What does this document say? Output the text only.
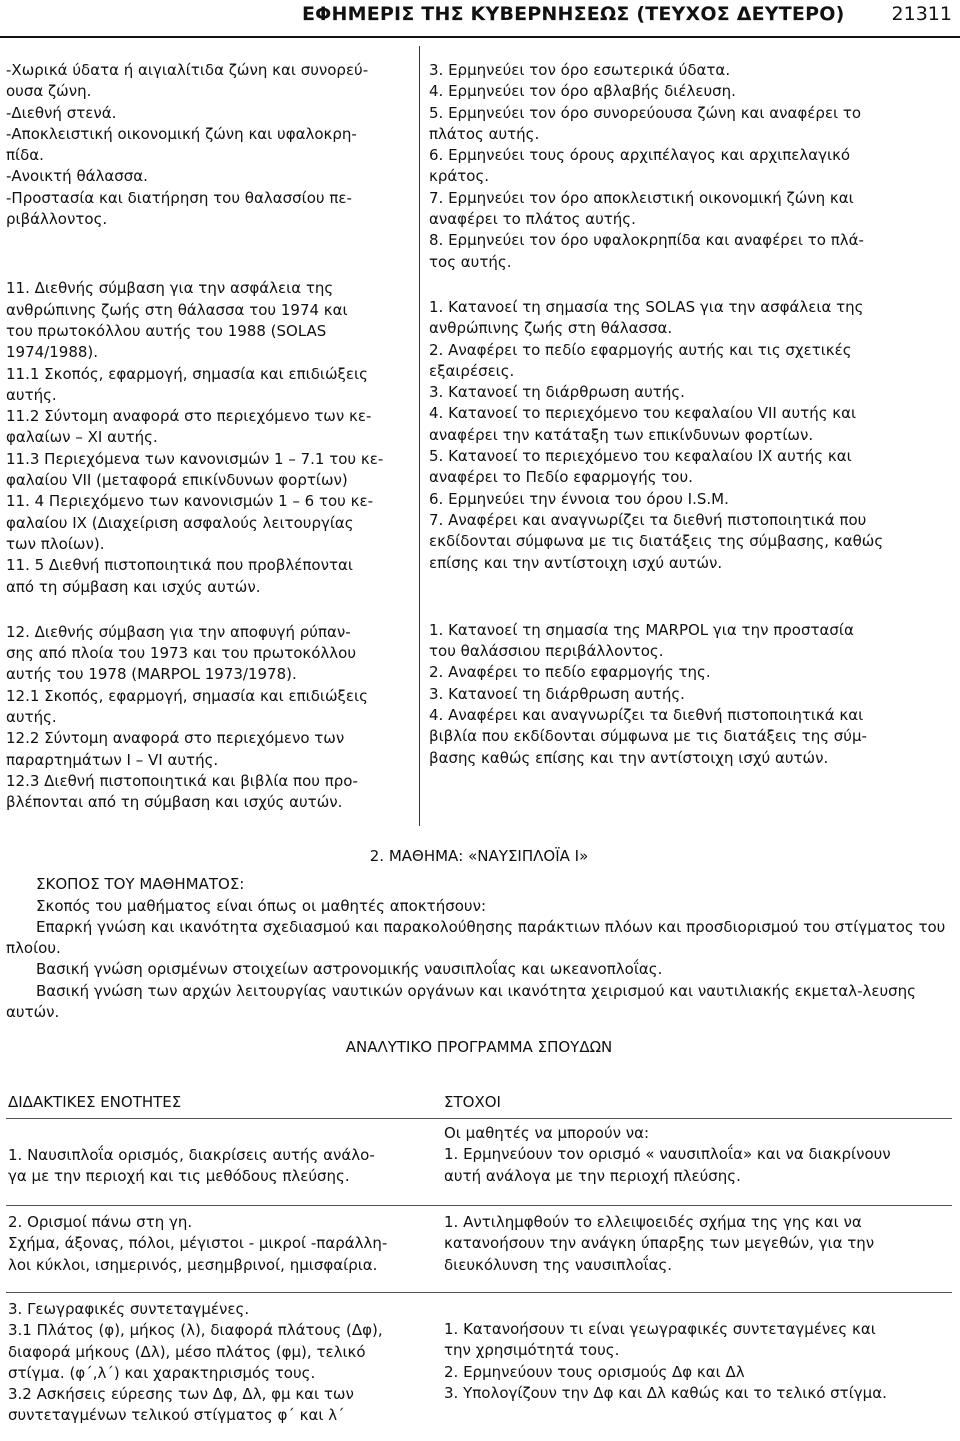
ΕΦΗΜΕΡΙΣ ΤΗΣ ΚΥΒΕΡΝΗΣΕΩΣ (ΤΕΥΧΟΣ ΔΕΥΤΕΡΟ) 21311

-Χωρικά ύδατα ή αιγιαλίτιδα ζώνη και συνορεύ-

ουσα ζώνη.

-Διεθνή στενά.

-Αποκλειστική οικονομική ζώνη και υφαλοκρη-

πίδα.

-Ανοικτή θάλασσα.

-Προστασία και διατήρηση του θαλασσίου πε-

ριβάλλοντος.

11. Διεθνής σύμβαση για την ασφάλεια της

ανθρώπινης ζωής στη θάλασσα του 1974 και

του πρωτοκόλλου αυτής του 1988 (SOLAS

1974/1988).

11.1 Σκοπός, εφαρμογή, σημασία και επιδιώξεις

αυτής.

11.2 Σύντομη αναφορά στο περιεχόμενο των κε-

φαλαίων – XI αυτής.

11.3 Περιεχόμενα των κανονισμών 1 – 7.1 του κε-

φαλαίου VII (μεταφορά επικίνδυνων φορτίων)

11. 4 Περιεχόμενο των κανονισμών 1 – 6 του κε-

φαλαίου IX (Διαχείριση ασφαλούς λειτουργίας

των πλοίων).

11. 5 Διεθνή πιστοποιητικά που προβλέπονται

από τη σύμβαση και ισχύς αυτών.

12. Διεθνής σύμβαση για την αποφυγή ρύπαν-

σης από πλοία του 1973 και του πρωτοκόλλου

αυτής του 1978 (MARPOL 1973/1978).

12.1 Σκοπός, εφαρμογή, σημασία και επιδιώξεις

αυτής.

12.2 Σύντομη αναφορά στο περιεχόμενο των

παραρτημάτων Ι – VI αυτής.

12.3 Διεθνή πιστοποιητικά και βιβλία που προ-

βλέπονται από τη σύμβαση και ισχύς αυτών.

3. Ερμηνεύει τον όρο εσωτερικά ύδατα.

4. Ερμηνεύει τον όρο αβλαβής διέλευση.

5. Ερμηνεύει τον όρο συνορεύουσα ζώνη και αναφέρει το

πλάτος αυτής.

6. Ερμηνεύει τους όρους αρχιπέλαγος και αρχιπελαγικό

κράτος.

7. Ερμηνεύει τον όρο αποκλειστική οικονομική ζώνη και

αναφέρει το πλάτος αυτής.

8. Ερμηνεύει τον όρο υφαλοκρηπίδα και αναφέρει το πλά-

τος αυτής.

1. Κατανοεί τη σημασία της SOLAS για την ασφάλεια της

ανθρώπινης ζωής στη θάλασσα.

2. Αναφέρει το πεδίο εφαρμογής αυτής και τις σχετικές

εξαιρέσεις.

3. Κατανοεί τη διάρθρωση αυτής.

4. Κατανοεί το περιεχόμενο του κεφαλαίου VII αυτής και

αναφέρει την κατάταξη των επικίνδυνων φορτίων.

5. Κατανοεί το περιεχόμενο του κεφαλαίου IX αυτής και

αναφέρει το Πεδίο εφαρμογής του.

6. Ερμηνεύει την έννοια του όρου I.S.M.

7. Αναφέρει και αναγνωρίζει τα διεθνή πιστοποιητικά που

εκδίδονται σύμφωνα με τις διατάξεις της σύμβασης, καθώς

επίσης και την αντίστοιχη ισχύ αυτών.

1. Κατανοεί τη σημασία της MARPOL για την προστασία

του θαλάσσιου περιβάλλοντος.

2. Αναφέρει το πεδίο εφαρμογής της.

3. Κατανοεί τη διάρθρωση αυτής.

4. Αναφέρει και αναγνωρίζει τα διεθνή πιστοποιητικά και

βιβλία που εκδίδονται σύμφωνα με τις διατάξεις της σύμ-

βασης καθώς επίσης και την αντίστοιχη ισχύ αυτών.

2. ΜΑΘΗΜΑ: «ΝΑΥΣΙΠΛΟΪΑ Ι»

ΣΚΟΠΟΣ ΤΟΥ ΜΑΘΗΜΑΤΟΣ:

Σκοπός του μαθήματος είναι όπως οι μαθητές αποκτήσουν:

Επαρκή γνώση και ικανότητα σχεδιασμού και παρακολούθησης παράκτιων πλόων και προσδιορισμού του στίγματος του πλοίου.

Βασική γνώση ορισμένων στοιχείων αστρονομικής ναυσιπλοΐας και ωκεανοπλοΐας.

Βασική γνώση των αρχών λειτουργίας ναυτικών οργάνων και ικανότητα χειρισμού και ναυτιλιακής εκμεταλ-λευσης αυτών.

ΑΝΑΛΥΤΙΚΟ ΠΡΟΓΡΑΜΜΑ ΣΠΟΥΔΩΝ

ΔΙΔΑΚΤΙΚΕΣ ΕΝΟΤΗΤΕΣ	ΣΤΟΧΟΙ

1. Ναυσιπλοΐα ορισμός, διακρίσεις αυτής ανάλο-

γα με την περιοχή και τις μεθόδους πλεύσης.

Οι μαθητές να μπορούν να:

1. Ερμηνεύουν τον ορισμό « ναυσιπλοΐα» και να διακρίνουν

αυτή ανάλογα με την περιοχή πλεύσης.

2. Ορισμοί πάνω στη γη.

Σχήμα, άξονας, πόλοι, μέγιστοι - μικροί -παράλλη-

λοι κύκλοι, ισημερινός, μεσημβρινοί, ημισφαίρια.

1. Αντιλημφθούν το ελλειψοειδές σχήμα της γης και να

κατανοήσουν την ανάγκη ύπαρξης των μεγεθών, για την

διευκόλυνση της ναυσιπλοΐας.

3. Γεωγραφικές συντεταγμένες.

3.1 Πλάτος (φ), μήκος (λ), διαφορά πλάτους (Δφ),

διαφορά μήκους (Δλ), μέσο πλάτος (φμ), τελικό

στίγμα. (φ΄,λ΄) και χαρακτηρισμός τους.

3.2 Ασκήσεις εύρεσης των Δφ, Δλ, φμ και των

συντεταγμένων τελικού στίγματος φ΄ και λ΄

1. Κατανοήσουν τι είναι γεωγραφικές συντεταγμένες και

την χρησιμότητά τους.

2. Ερμηνεύουν τους ορισμούς Δφ και Δλ

3. Υπολογίζουν την Δφ και Δλ καθώς και το τελικό στίγμα.
